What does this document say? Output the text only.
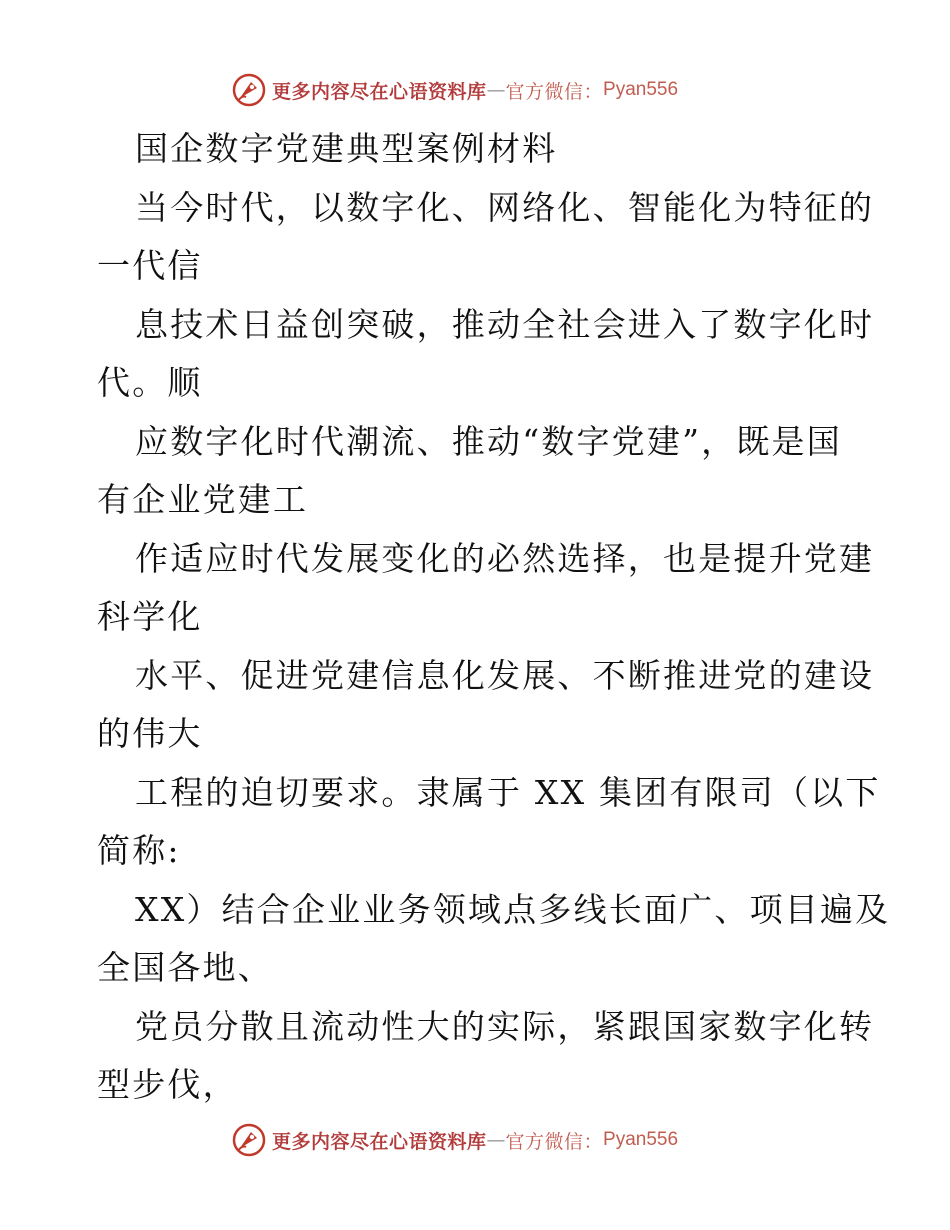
更多内容尽在心语资料库 — 官方微信： Pyan556
国企数字党建典型案例材料
当今时代，以数字化、网络化、智能化为特征的
一代信
息技术日益创突破，推动全社会进入了数字化时
代。顺
应数字化时代潮流、推动“数字党建”，既是国
有企业党建工
作适应时代发展变化的必然选择，也是提升党建
科学化
水平、促进党建信息化发展、不断推进党的建设
的伟大
工程的迫切要求。隶属于 XX 集团有限司（以下
简称:
XX）结合企业业务领域点多线长面广、项目遍及
全国各地、
党员分散且流动性大的实际，紧跟国家数字化转
型步伐，
更多内容尽在心语资料库 — 官方微信： Pyan556
